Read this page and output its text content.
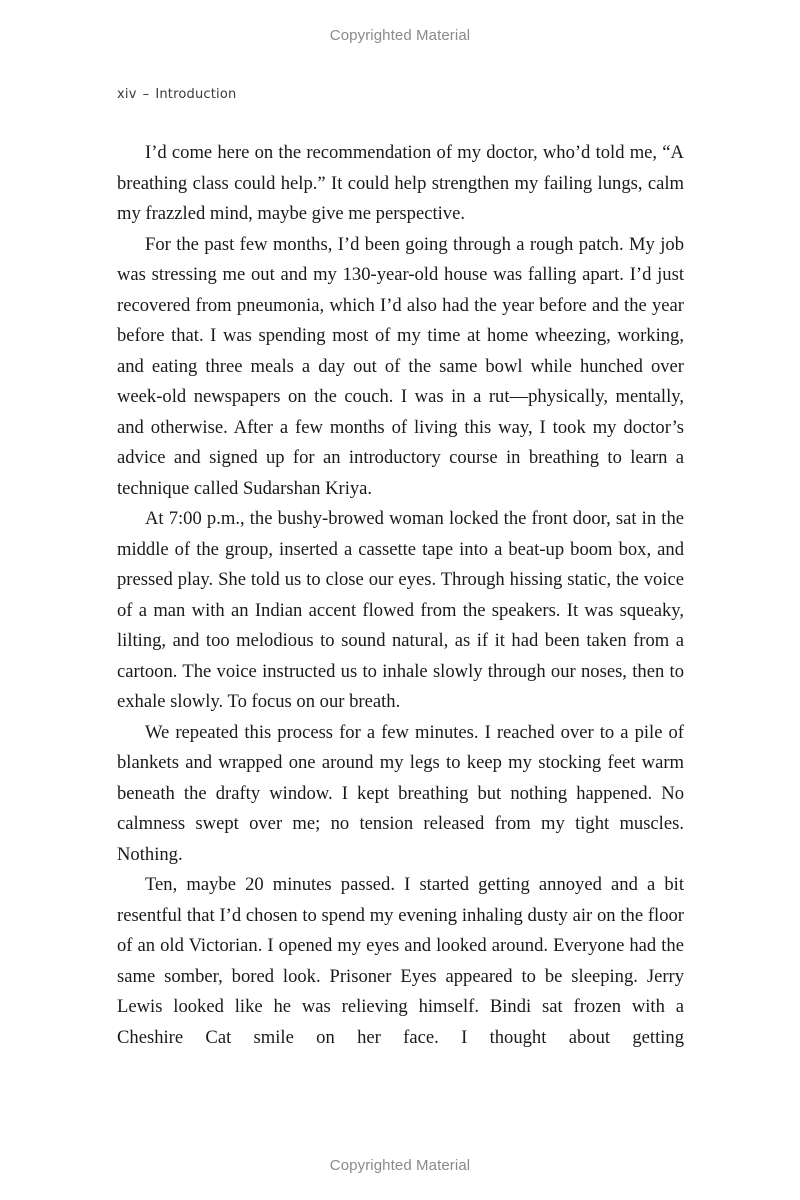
Copyrighted Material
xiv – Introduction

I’d come here on the recommendation of my doctor, who’d told me, “A breathing class could help.” It could help strengthen my failing lungs, calm my frazzled mind, maybe give me perspective.

For the past few months, I’d been going through a rough patch. My job was stressing me out and my 130-year-old house was falling apart. I’d just recovered from pneumonia, which I’d also had the year before and the year before that. I was spending most of my time at home wheezing, working, and eating three meals a day out of the same bowl while hunched over week-old newspapers on the couch. I was in a rut—physically, mentally, and otherwise. After a few months of living this way, I took my doctor’s advice and signed up for an introductory course in breathing to learn a technique called Sudarshan Kriya.

At 7:00 p.m., the bushy-browed woman locked the front door, sat in the middle of the group, inserted a cassette tape into a beat-up boom box, and pressed play. She told us to close our eyes. Through hissing static, the voice of a man with an Indian accent flowed from the speakers. It was squeaky, lilting, and too melodious to sound natural, as if it had been taken from a cartoon. The voice instructed us to inhale slowly through our noses, then to exhale slowly. To focus on our breath.

We repeated this process for a few minutes. I reached over to a pile of blankets and wrapped one around my legs to keep my stocking feet warm beneath the drafty window. I kept breathing but nothing happened. No calmness swept over me; no tension released from my tight muscles. Nothing.

Ten, maybe 20 minutes passed. I started getting annoyed and a bit resentful that I’d chosen to spend my evening inhaling dusty air on the floor of an old Victorian. I opened my eyes and looked around. Everyone had the same somber, bored look. Prisoner Eyes appeared to be sleeping. Jerry Lewis looked like he was relieving himself. Bindi sat frozen with a Cheshire Cat smile on her face. I thought about getting

Copyrighted Material
